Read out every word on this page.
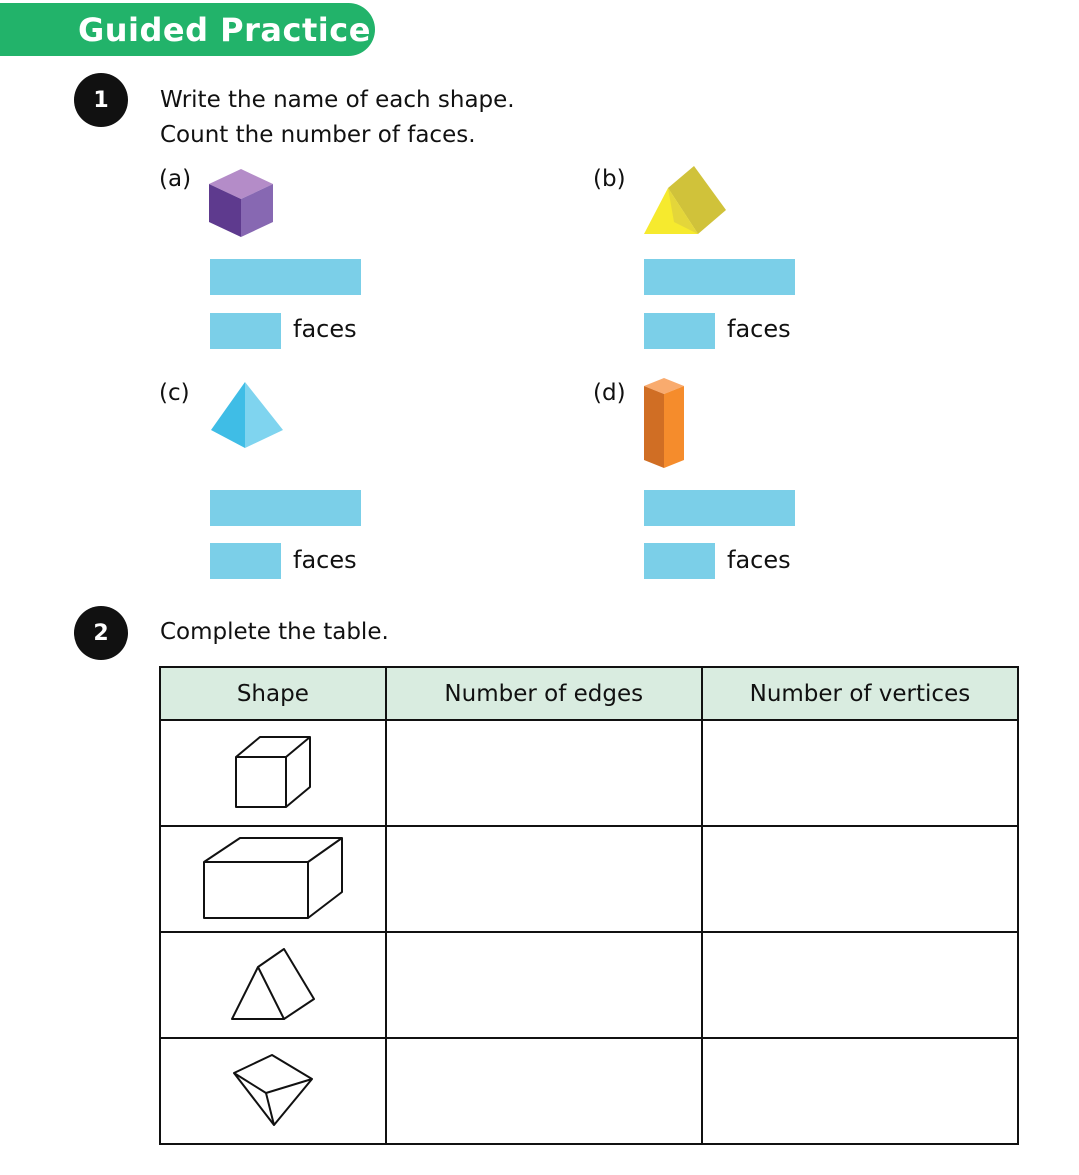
Guided Practice
1	Write the name of each shape.
Count the number of faces.
(a)
faces
(b)
faces
(c)
faces
(d)
faces
2	Complete the table.
Shape	Number of edges	Number of vertices
